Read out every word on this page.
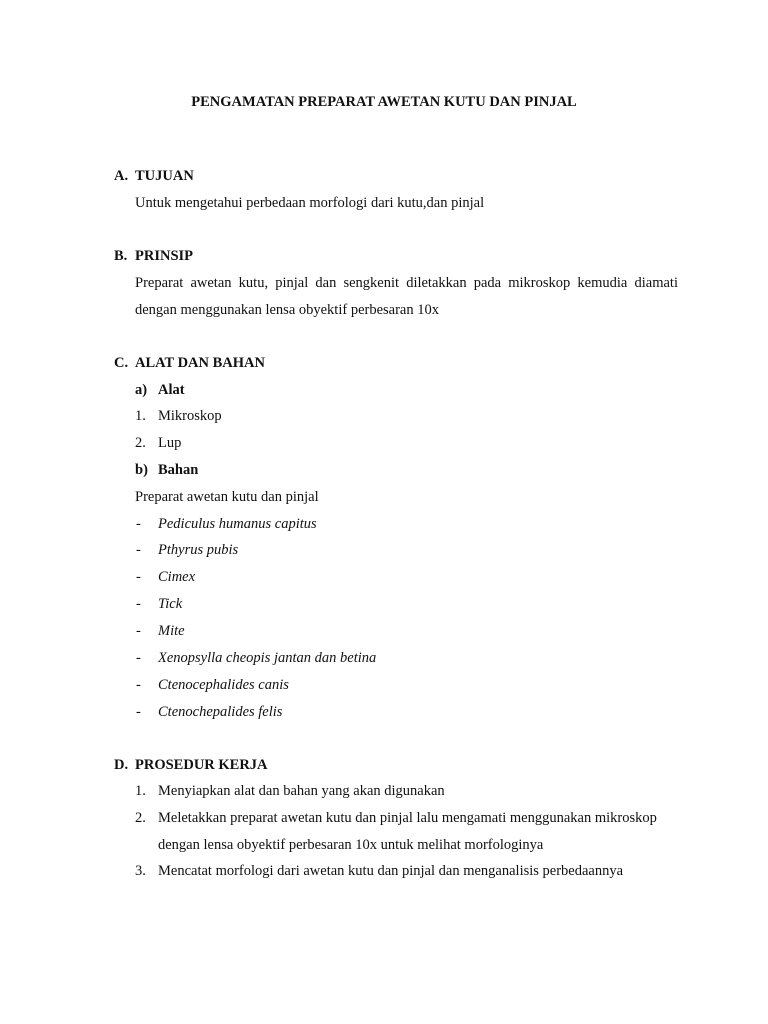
PENGAMATAN PREPARAT AWETAN KUTU DAN PINJAL
A. TUJUAN
Untuk mengetahui perbedaan morfologi dari kutu,dan pinjal
B. PRINSIP
Preparat awetan kutu, pinjal dan sengkenit diletakkan pada mikroskop kemudia diamati
dengan menggunakan lensa obyektif perbesaran 10x
C. ALAT DAN BAHAN
a) Alat
1. Mikroskop
2. Lup
b) Bahan
Preparat awetan kutu dan pinjal
- Pediculus humanus capitus
- Pthyrus pubis
- Cimex
- Tick
- Mite
- Xenopsylla cheopis jantan dan betina
- Ctenocephalides canis
- Ctenochepalides felis
D. PROSEDUR KERJA
1. Menyiapkan alat dan bahan yang akan digunakan
2. Meletakkan preparat awetan kutu dan pinjal lalu mengamati menggunakan mikroskop
dengan lensa obyektif perbesaran 10x untuk melihat morfologinya
3. Mencatat morfologi dari awetan kutu dan pinjal dan menganalisis perbedaannya
